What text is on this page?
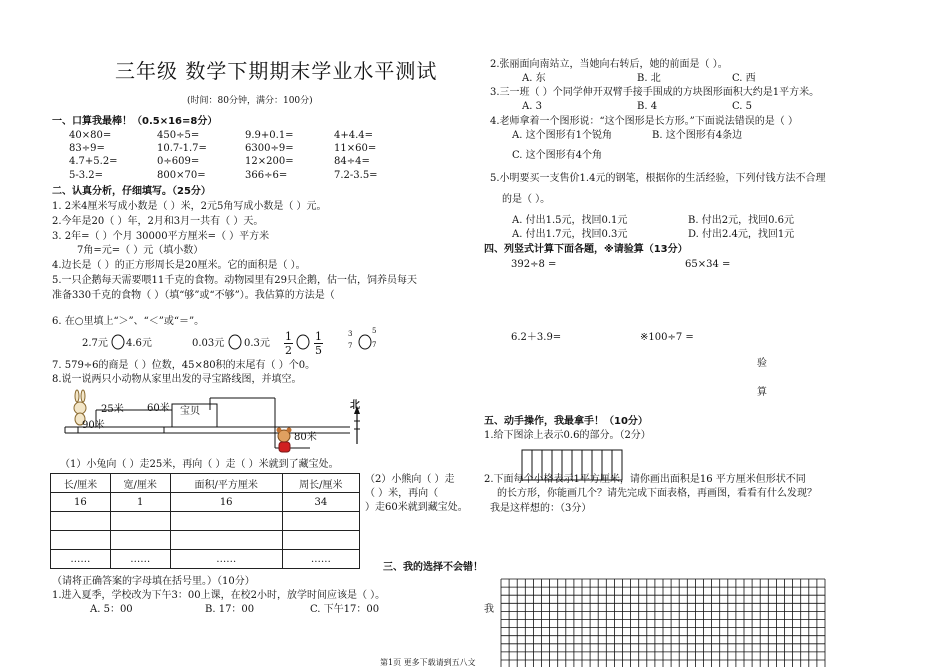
三年级 数学下期期末学业水平测试
(时间：80分钟，满分：100分)
一、口算我最棒！（0.5×16=8分）
40×80=	450÷5=	9.9+0.1=	4+4.4=
83÷9=	10.7-1.7=	6300÷9=	11×60=
4.7+5.2=	0÷609=	12×200=	84÷4=
5-3.2=	800×70=	366÷6=	7.2-3.5=
二、认真分析，仔细填写。（25分）
1. 2米4厘米写成小数是（ ）米，2元5角写成小数是（ ）元。
2.今年是20（ ）年，2月和3月一共有（ ）天。
3. 2年=（ ）个月 30000平方厘米=（ ）平方米
7角=元=（ ）元（填小数）
4.边长是（ ）的正方形周长是20厘米。它的面积是（ ）。
5.一只企鹅每天需要喂11千克的食物。动物园里有29只企鹅，估一估，饲养员每天
准备330千克的食物（ ）（填“够”或“不够”）。我估算的方法是（
6. 在○里填上“＞”、“＜”或“＝”。
2.7元 4.6元	0.03元 0.3元
1
2
1
5
3
7
5
7
7. 579÷6的商是（ ）位数，45×80积的末尾有（ ）个0。
8.说一说两只小动物从家里出发的寻宝路线图，并填空。
25米 60米
90米
宝贝
80米
北
（1）小兔向（ ）走25米，再向（ ）走（ ）米就到了藏宝处。
长/厘米	宽/厘米	面积/平方厘米	周长/厘米
16	1	16	34

……	……	……	……
（2）小熊向（ ）走
（ ）米，再向（
）走60米就到藏宝处。
三、我的选择不会错！
（请将正确答案的字母填在括号里。）（10分）
1.进入夏季，学校改为下午3：00上课，在校2小时，放学时间应该是（ ）。
A. 5：00	B. 17：00	C. 下午17：00
2.张丽面向南站立，当她向右转后，她的前面是（ ）。
A. 东	B. 北	C. 西
3.三一班（ ）个同学伸开双臂手接手围成的方块图形面积大约是1平方米。
A. 3	B. 4	C. 5
4.老师拿着一个图形说：“这个图形是长方形。”下面说法错误的是（ ）
A. 这个图形有1个锐角	B. 这个图形有4条边
C. 这个图形有4个角
5.小明要买一支售价1.4元的钢笔，根据你的生活经验，下列付钱方法不合理
的是（ ）。
A. 付出1.5元，找回0.1元	B. 付出2元，找回0.6元
A. 付出1.7元，找回0.3元	D. 付出2.4元，找回1元
四、列竖式计算下面各题，※请验算（13分）
392÷8 =	65×34 =
6.2＋3.9=	※100÷7 =
验
算
五、动手操作，我最拿手！（10分）
1.给下图涂上表示0.6的部分。（2分）
2.下面每个小格表示1平方厘米，请你画出面积是16 平方厘米但形状不同
的长方形，你能画几个？请先完成下面表格，再画图，看看有什么发现？
我是这样想的：（3分）
我
第1页 更多下载请到五八文
